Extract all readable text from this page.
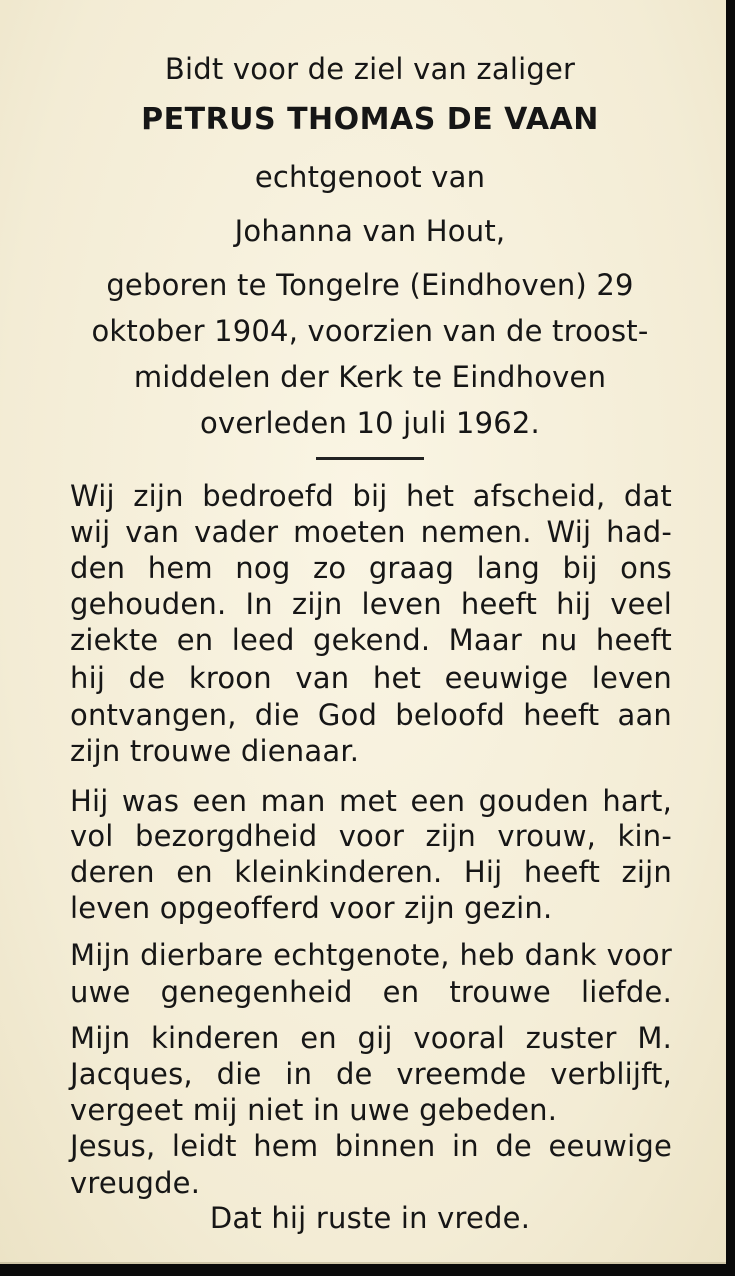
Bidt voor de ziel van zaliger
PETRUS THOMAS DE VAAN
echtgenoot van
Johanna van Hout,
geboren te Tongelre (Eindhoven) 29
oktober 1904, voorzien van de troost-
middelen der Kerk te Eindhoven
overleden 10 juli 1962.
Wij zijn bedroefd bij het afscheid, dat
wij van vader moeten nemen. Wij had-
den hem nog zo graag lang bij ons
gehouden. In zijn leven heeft hij veel
ziekte en leed gekend. Maar nu heeft
hij de kroon van het eeuwige leven
ontvangen, die God beloofd heeft aan
zijn trouwe dienaar.
Hij was een man met een gouden hart,
vol bezorgdheid voor zijn vrouw, kin-
deren en kleinkinderen. Hij heeft zijn
leven opgeofferd voor zijn gezin.
Mijn dierbare echtgenote, heb dank voor
uwe genegenheid en trouwe liefde.
Mijn kinderen en gij vooral zuster M.
Jacques, die in de vreemde verblijft,
vergeet mij niet in uwe gebeden.
Jesus, leidt hem binnen in de eeuwige
vreugde.
Dat hij ruste in vrede.
